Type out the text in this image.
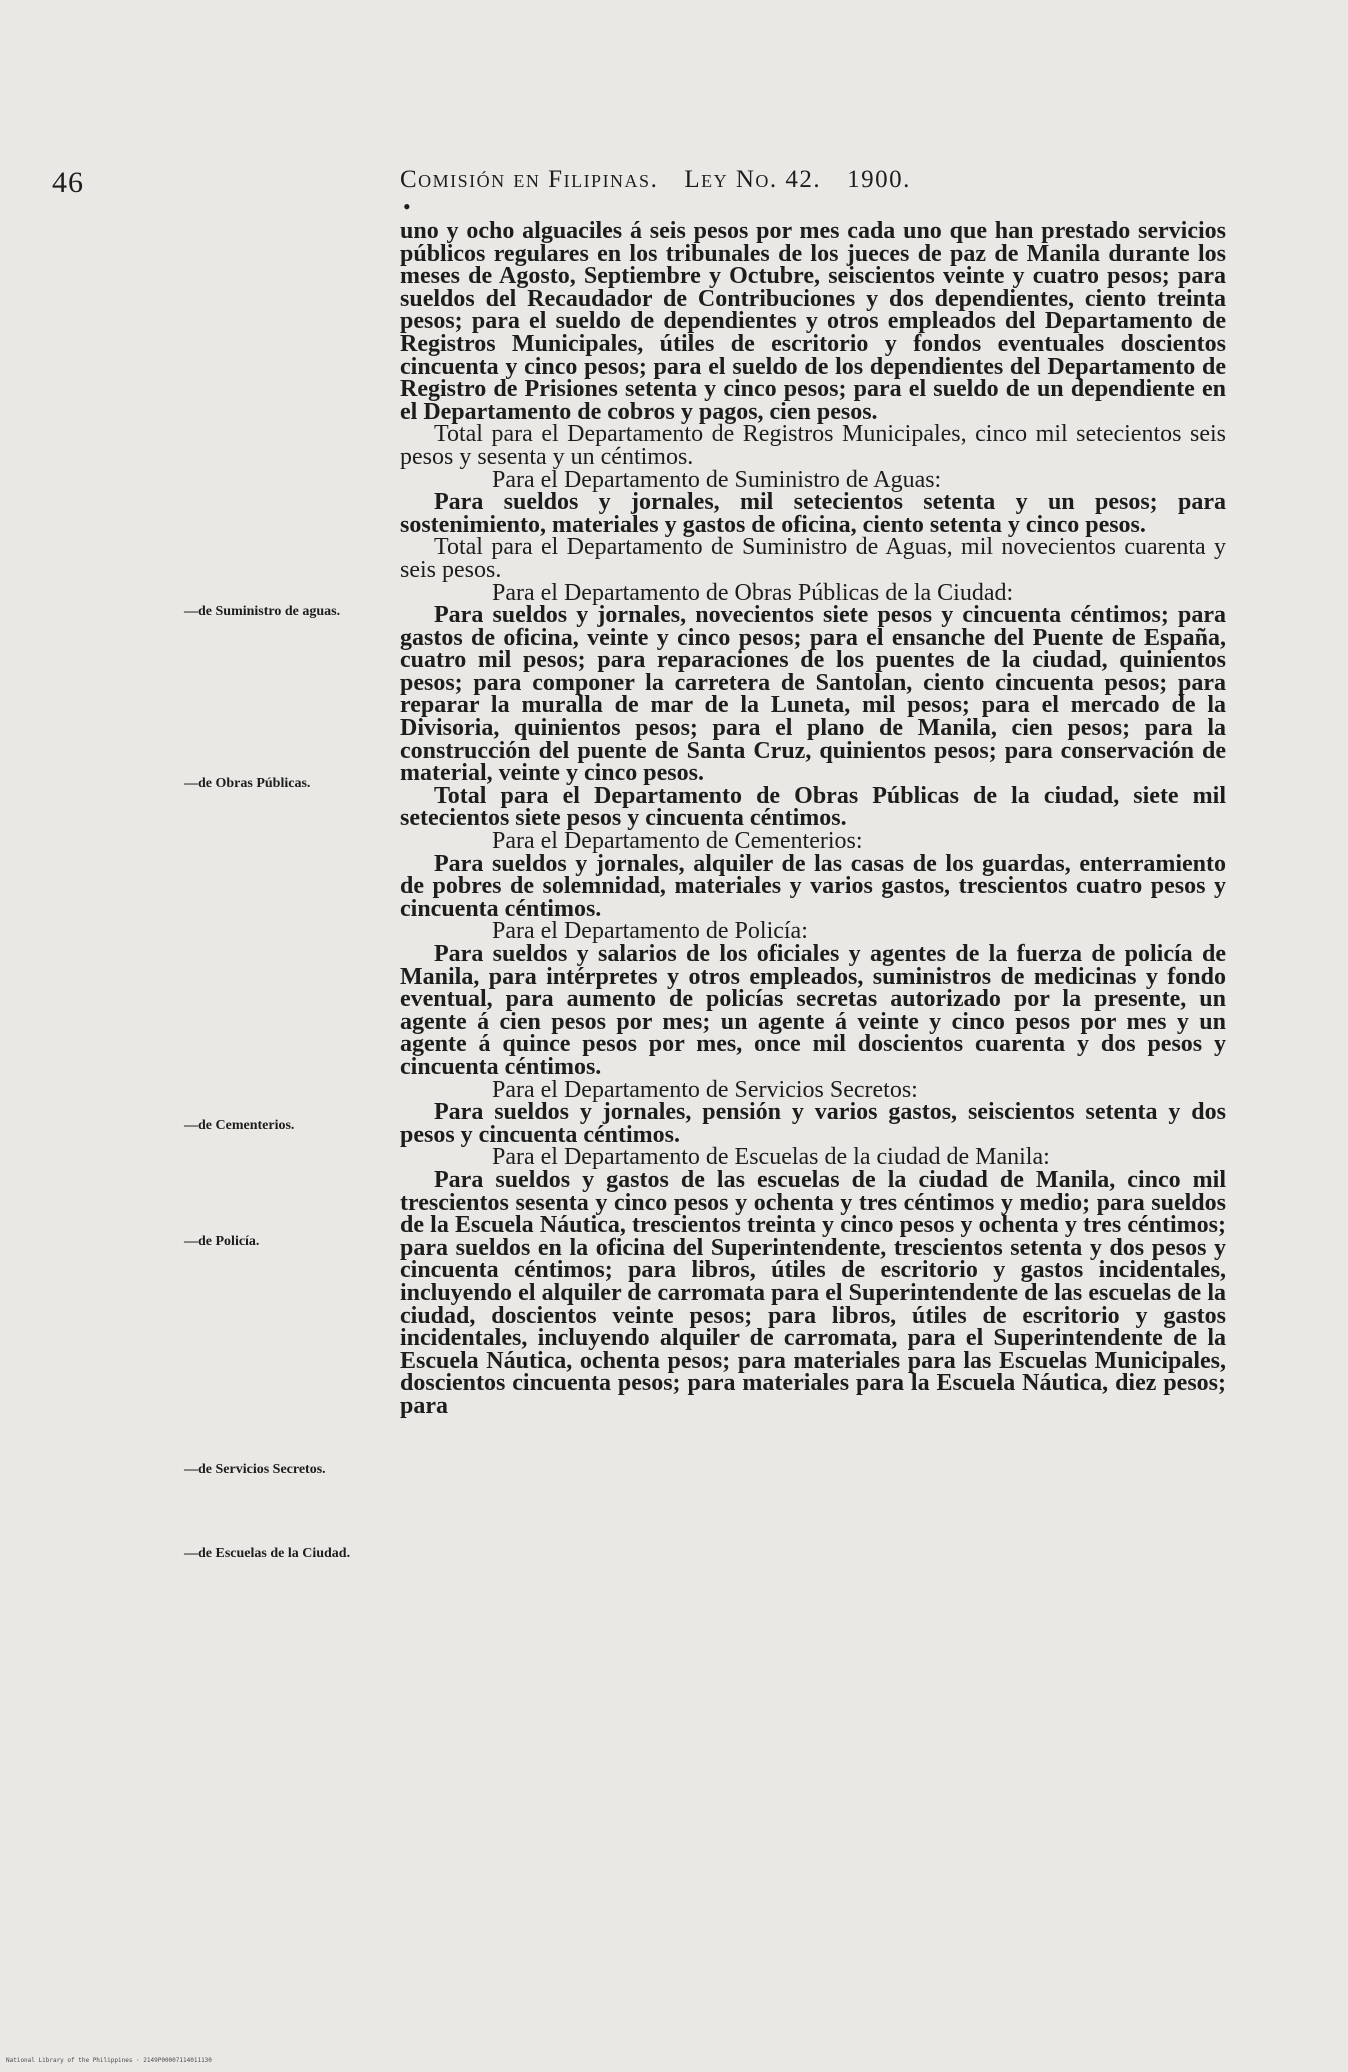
46	Comisión en Filipinas. Ley No. 42. 1900.
•

uno y ocho alguaciles á seis pesos por mes cada uno que han prestado servicios públicos regulares en los tribunales de los jueces de paz de Manila durante los meses de Agosto, Septiembre y Octubre, seiscientos veinte y cuatro pesos; para sueldos del Recaudador de Contribuciones y dos dependientes, ciento treinta pesos; para el sueldo de dependientes y otros empleados del Departamento de Registros Municipales, útiles de escritorio y fondos eventuales doscientos cincuenta y cinco pesos; para el sueldo de los dependientes del Departamento de Registro de Prisiones setenta y cinco pesos; para el sueldo de un dependiente en el Departamento de cobros y pagos, cien pesos.

Total para el Departamento de Registros Municipales, cinco mil setecientos seis pesos y sesenta y un céntimos.

Para el Departamento de Suministro de Aguas:

Para sueldos y jornales, mil setecientos setenta y un pesos; para sostenimiento, materiales y gastos de oficina, ciento setenta y cinco pesos.

Total para el Departamento de Suministro de Aguas, mil novecientos cuarenta y seis pesos.

Para el Departamento de Obras Públicas de la Ciudad:

Para sueldos y jornales, novecientos siete pesos y cincuenta céntimos; para gastos de oficina, veinte y cinco pesos; para el ensanche del Puente de España, cuatro mil pesos; para reparaciones de los puentes de la ciudad, quinientos pesos; para componer la carretera de Santolan, ciento cincuenta pesos; para reparar la muralla de mar de la Luneta, mil pesos; para el mercado de la Divisoria, quinientos pesos; para el plano de Manila, cien pesos; para la construcción del puente de Santa Cruz, quinientos pesos; para conservación de material, veinte y cinco pesos.

Total para el Departamento de Obras Públicas de la ciudad, siete mil setecientos siete pesos y cincuenta céntimos.

Para el Departamento de Cementerios:

Para sueldos y jornales, alquiler de las casas de los guardas, enterramiento de pobres de solemnidad, materiales y varios gastos, trescientos cuatro pesos y cincuenta céntimos.

Para el Departamento de Policía:

Para sueldos y salarios de los oficiales y agentes de la fuerza de policía de Manila, para intérpretes y otros empleados, suministros de medicinas y fondo eventual, para aumento de policías secretas autorizado por la presente, un agente á cien pesos por mes; un agente á veinte y cinco pesos por mes y un agente á quince pesos por mes, once mil doscientos cuarenta y dos pesos y cincuenta céntimos.

Para el Departamento de Servicios Secretos:

Para sueldos y jornales, pensión y varios gastos, seiscientos setenta y dos pesos y cincuenta céntimos.

Para el Departamento de Escuelas de la ciudad de Manila:

Para sueldos y gastos de las escuelas de la ciudad de Manila, cinco mil trescientos sesenta y cinco pesos y ochenta y tres céntimos y medio; para sueldos de la Escuela Náutica, trescientos treinta y cinco pesos y ochenta y tres céntimos; para sueldos en la oficina del Superintendente, trescientos setenta y dos pesos y cincuenta céntimos; para libros, útiles de escritorio y gastos incidentales, incluyendo el alquiler de carromata para el Superintendente de las escuelas de la ciudad, doscientos veinte pesos; para libros, útiles de escritorio y gastos incidentales, incluyendo alquiler de carromata, para el Superintendente de la Escuela Náutica, ochenta pesos; para materiales para las Escuelas Municipales, doscientos cincuenta pesos; para materiales para la Escuela Náutica, diez pesos; para

—de Suministro de aguas.
—de Obras Públicas.
—de Cementerios.
—de Policía.
—de Servicios Secretos.
—de Escuelas de la Ciudad.
National Library of the Philippines · 2149P00007114011130
